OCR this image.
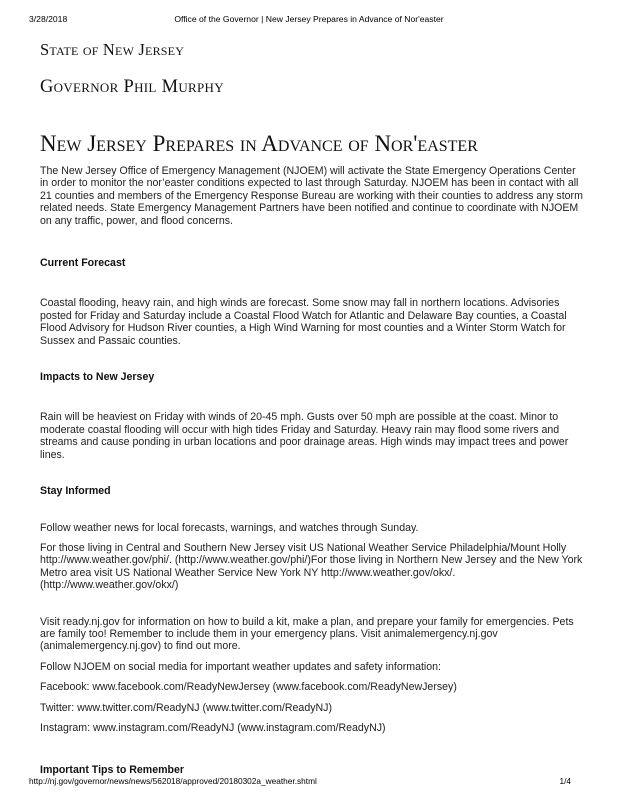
3/28/2018	Office of the Governor | New Jersey Prepares in Advance of Nor'easter
State of New Jersey
Governor Phil Murphy
New Jersey Prepares in Advance of Nor'easter

The New Jersey Office of Emergency Management (NJOEM) will activate the State Emergency Operations Center in order to monitor the nor’easter conditions expected to last through Saturday. NJOEM has been in contact with all 21 counties and members of the Emergency Response Bureau are working with their counties to address any storm related needs. State Emergency Management Partners have been notified and continue to coordinate with NJOEM on any traffic, power, and flood concerns.

Current Forecast

Coastal flooding, heavy rain, and high winds are forecast. Some snow may fall in northern locations. Advisories posted for Friday and Saturday include a Coastal Flood Watch for Atlantic and Delaware Bay counties, a Coastal Flood Advisory for Hudson River counties, a High Wind Warning for most counties and a Winter Storm Watch for Sussex and Passaic counties.

Impacts to New Jersey

Rain will be heaviest on Friday with winds of 20-45 mph. Gusts over 50 mph are possible at the coast. Minor to moderate coastal flooding will occur with high tides Friday and Saturday. Heavy rain may flood some rivers and streams and cause ponding in urban locations and poor drainage areas. High winds may impact trees and power lines.

Stay Informed

Follow weather news for local forecasts, warnings, and watches through Sunday.

For those living in Central and Southern New Jersey visit US National Weather Service Philadelphia/Mount Holly http://www.weather.gov/phi/. (http://www.weather.gov/phi/)For those living in Northern New Jersey and the New York Metro area visit US National Weather Service New York NY http://www.weather.gov/okx/. (http://www.weather.gov/okx/)

Visit ready.nj.gov for information on how to build a kit, make a plan, and prepare your family for emergencies. Pets are family too! Remember to include them in your emergency plans. Visit animalemergency.nj.gov (animalemergency.nj.gov) to find out more.

Follow NJOEM on social media for important weather updates and safety information:

Facebook: www.facebook.com/ReadyNewJersey (www.facebook.com/ReadyNewJersey)

Twitter: www.twitter.com/ReadyNJ (www.twitter.com/ReadyNJ)

Instagram: www.instagram.com/ReadyNJ (www.instagram.com/ReadyNJ)

Important Tips to Remember
http://nj.gov/governor/news/news/562018/approved/20180302a_weather.shtml	1/4
